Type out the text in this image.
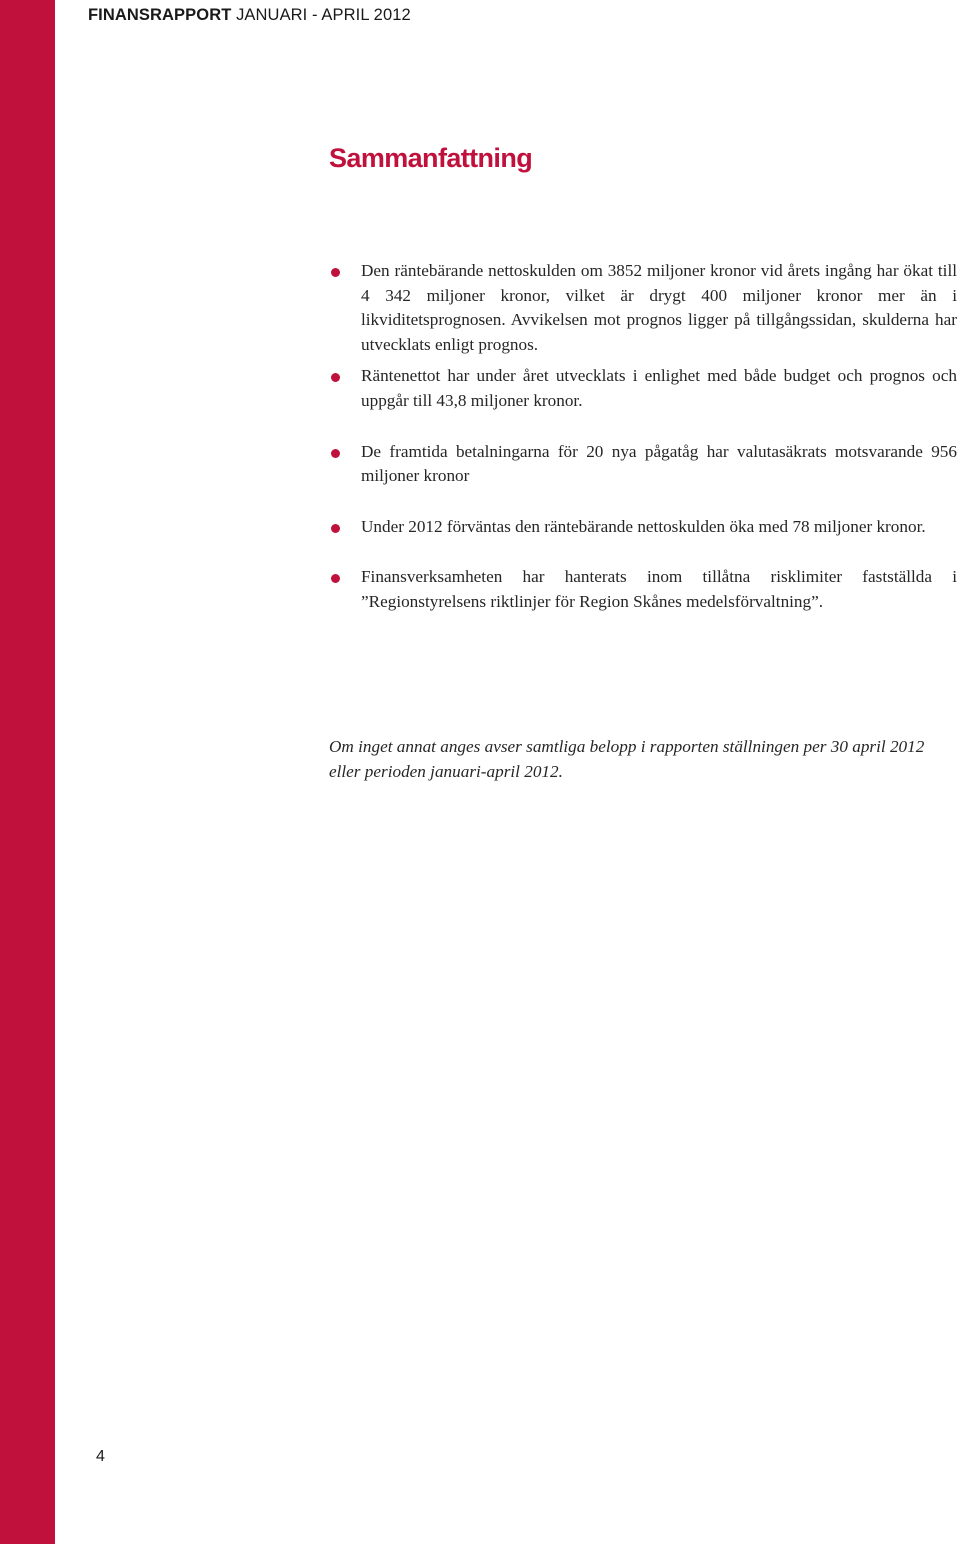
FINANSRAPPORT JANUARI - APRIL 2012
Sammanfattning
Den räntebärande nettoskulden om 3852 miljoner kronor vid årets ingång har ökat till 4 342 miljoner kronor, vilket är drygt 400 miljoner kronor mer än i likviditetsprognosen. Avvikelsen mot prognos ligger på tillgångssidan, skulderna har utvecklats enligt prognos.
Räntenettot har under året utvecklats i enlighet med både budget och prognos och uppgår till 43,8 miljoner kronor.
De framtida betalningarna för 20 nya pågatåg har valutasäkrats motsvarande 956 miljoner kronor
Under 2012 förväntas den räntebärande nettoskulden öka med 78 miljoner kronor.
Finansverksamheten har hanterats inom tillåtna risklimiter fastställda i ”Regionstyrelsens riktlinjer för Region Skånes medelsförvaltning”.

Om inget annat anges avser samtliga belopp i rapporten ställningen per 30 april 2012 eller perioden januari-april 2012.

4
